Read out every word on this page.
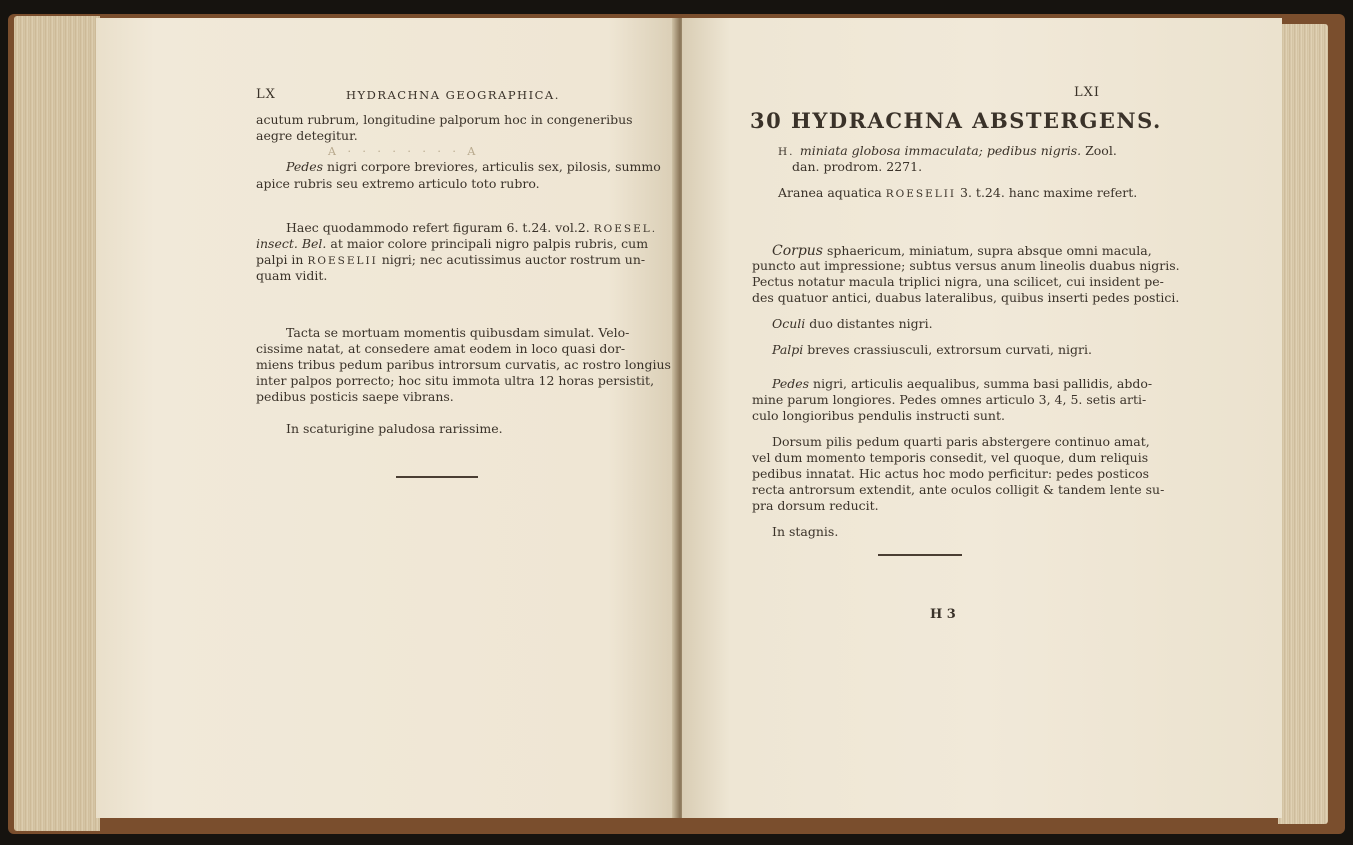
LX	HYDRACHNA GEOGRAPHICA.
acutum rubrum, longitudine palporum hoc in congeneribus
aegre detegitur.
A · · · · · · · · A
Pedes nigri corpore breviores, articulis sex, pilosis, summo
apice rubris seu extremo articulo toto rubro.
Haec quodammodo refert figuram 6. t.24. vol.2. ROESEL.
insect. Bel. at maior colore principali nigro palpis rubris, cum
palpi in ROESELII nigri; nec acutissimus auctor rostrum un-
quam vidit.
Tacta se mortuam momentis quibusdam simulat. Velo-
cissime natat, at consedere amat eodem in loco quasi dor-
miens tribus pedum paribus introrsum curvatis, ac rostro longius
inter palpos porrecto; hoc situ immota ultra 12 horas persistit,
pedibus posticis saepe vibrans.
In scaturigine paludosa rarissime.
LXI
30 HYDRACHNA ABSTERGENS.
H. miniata globosa immaculata; pedibus nigris. Zool.
dan. prodrom. 2271.
Aranea aquatica ROESELII 3. t.24. hanc maxime refert.
Corpus sphaericum, miniatum, supra absque omni macula,
puncto aut impressione; subtus versus anum lineolis duabus nigris.
Pectus notatur macula triplici nigra, una scilicet, cui insident pe-
des quatuor antici, duabus lateralibus, quibus inserti pedes postici.
Oculi duo distantes nigri.
Palpi breves crassiusculi, extrorsum curvati, nigri.
Pedes nigri, articulis aequalibus, summa basi pallidis, abdo-
mine parum longiores. Pedes omnes articulo 3, 4, 5. setis arti-
culo longioribus pendulis instructi sunt.
Dorsum pilis pedum quarti paris abstergere continuo amat,
vel dum momento temporis consedit, vel quoque, dum reliquis
pedibus innatat. Hic actus hoc modo perficitur: pedes posticos
recta antrorsum extendit, ante oculos colligit & tandem lente su-
pra dorsum reducit.
In stagnis.
H 3
